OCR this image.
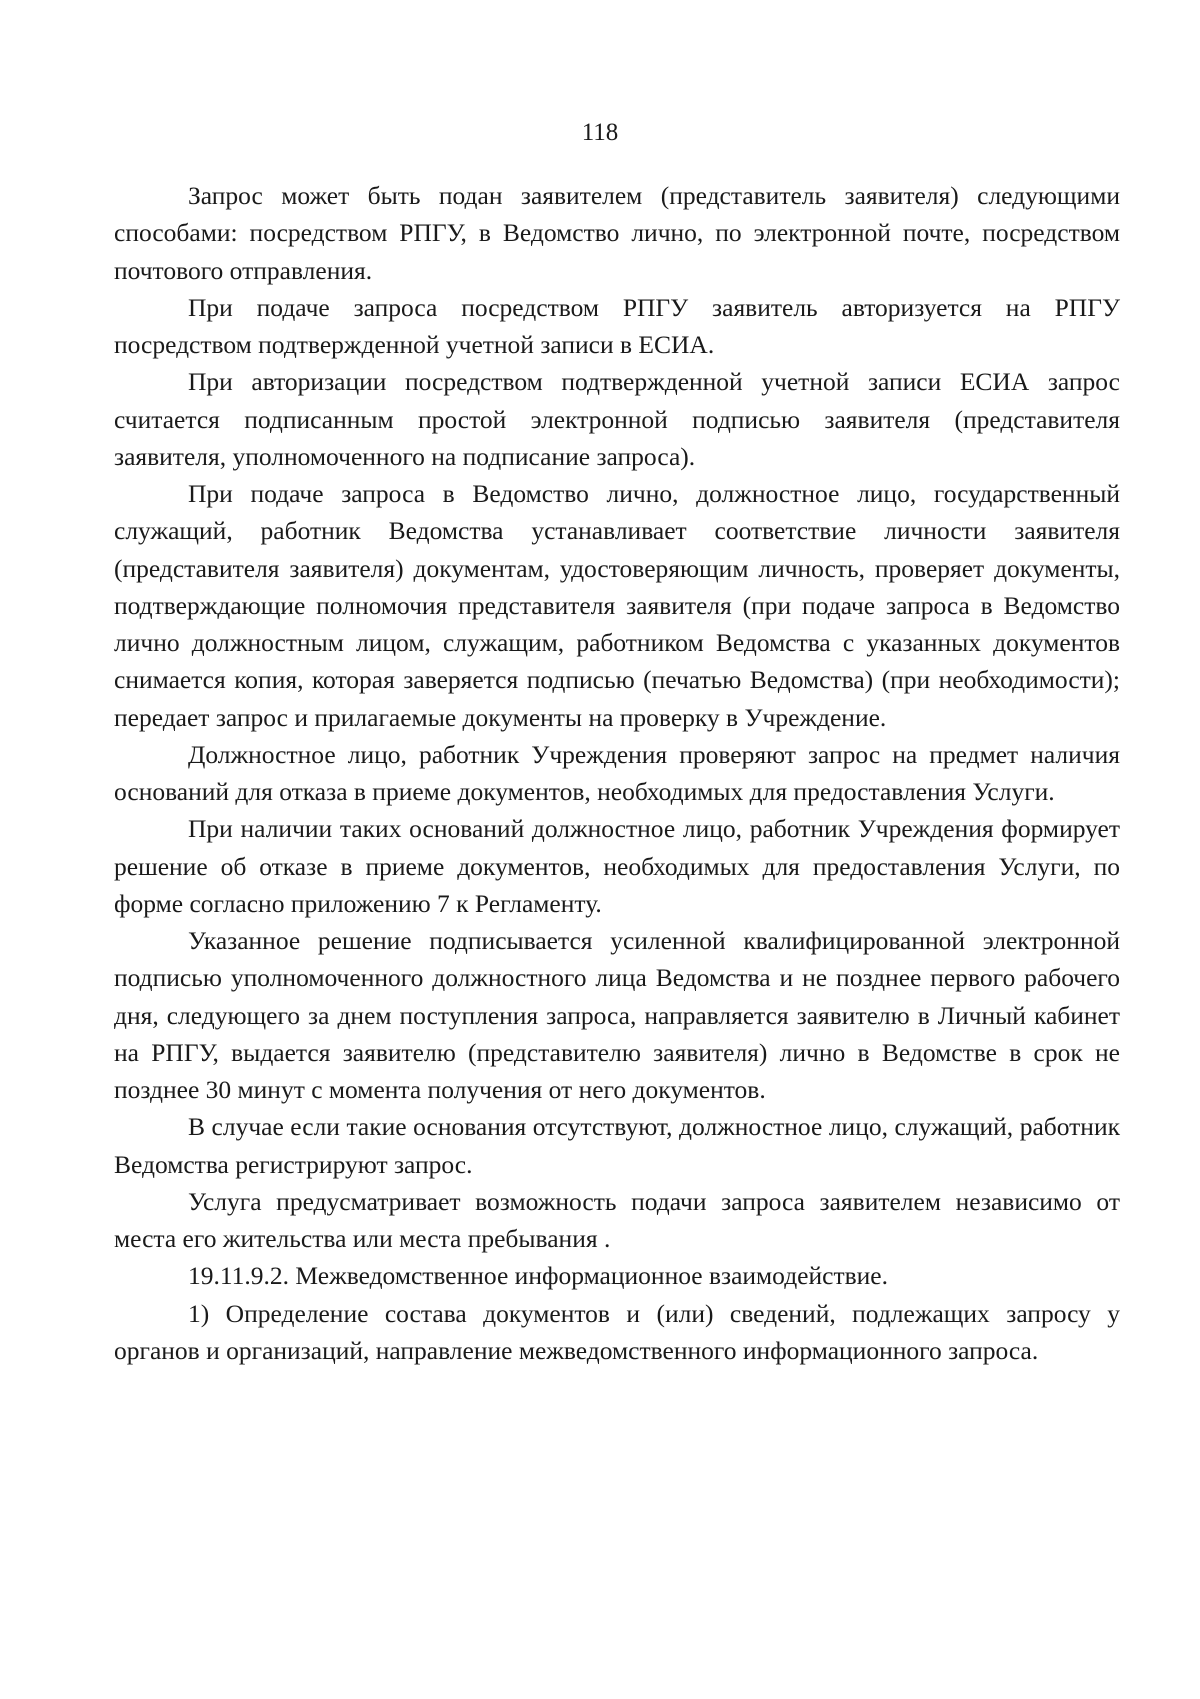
118

Запрос может быть подан заявителем (представитель заявителя) следующими способами: посредством РПГУ, в Ведомство лично, по электронной почте, посредством почтового отправления.

При подаче запроса посредством РПГУ заявитель авторизуется на РПГУ посредством подтвержденной учетной записи в ЕСИА.

При авторизации посредством подтвержденной учетной записи ЕСИА запрос считается подписанным простой электронной подписью заявителя (представителя заявителя, уполномоченного на подписание запроса).

При подаче запроса в Ведомство лично, должностное лицо, государственный служащий, работник Ведомства устанавливает соответствие личности заявителя (представителя заявителя) документам, удостоверяющим личность, проверяет документы, подтверждающие полномочия представителя заявителя (при подаче запроса в Ведомство лично должностным лицом, служащим, работником Ведомства с указанных документов снимается копия, которая заверяется подписью (печатью Ведомства) (при необходимости); передает запрос и прилагаемые документы на проверку в Учреждение.

Должностное лицо, работник Учреждения проверяют запрос на предмет наличия оснований для отказа в приеме документов, необходимых для предоставления Услуги.

При наличии таких оснований должностное лицо, работник Учреждения формирует решение об отказе в приеме документов, необходимых для предоставления Услуги, по форме согласно приложению 7 к Регламенту.

Указанное решение подписывается усиленной квалифицированной электронной подписью уполномоченного должностного лица Ведомства и не позднее первого рабочего дня, следующего за днем поступления запроса, направляется заявителю в Личный кабинет на РПГУ, выдается заявителю (представителю заявителя) лично в Ведомстве в срок не позднее 30 минут с момента получения от него документов.

В случае если такие основания отсутствуют, должностное лицо, служащий, работник Ведомства регистрируют запрос.

Услуга предусматривает возможность подачи запроса заявителем независимо от места его жительства или места пребывания .

19.11.9.2. Межведомственное информационное взаимодействие.

1) Определение состава документов и (или) сведений, подлежащих запросу у органов и организаций, направление межведомственного информационного запроса.
